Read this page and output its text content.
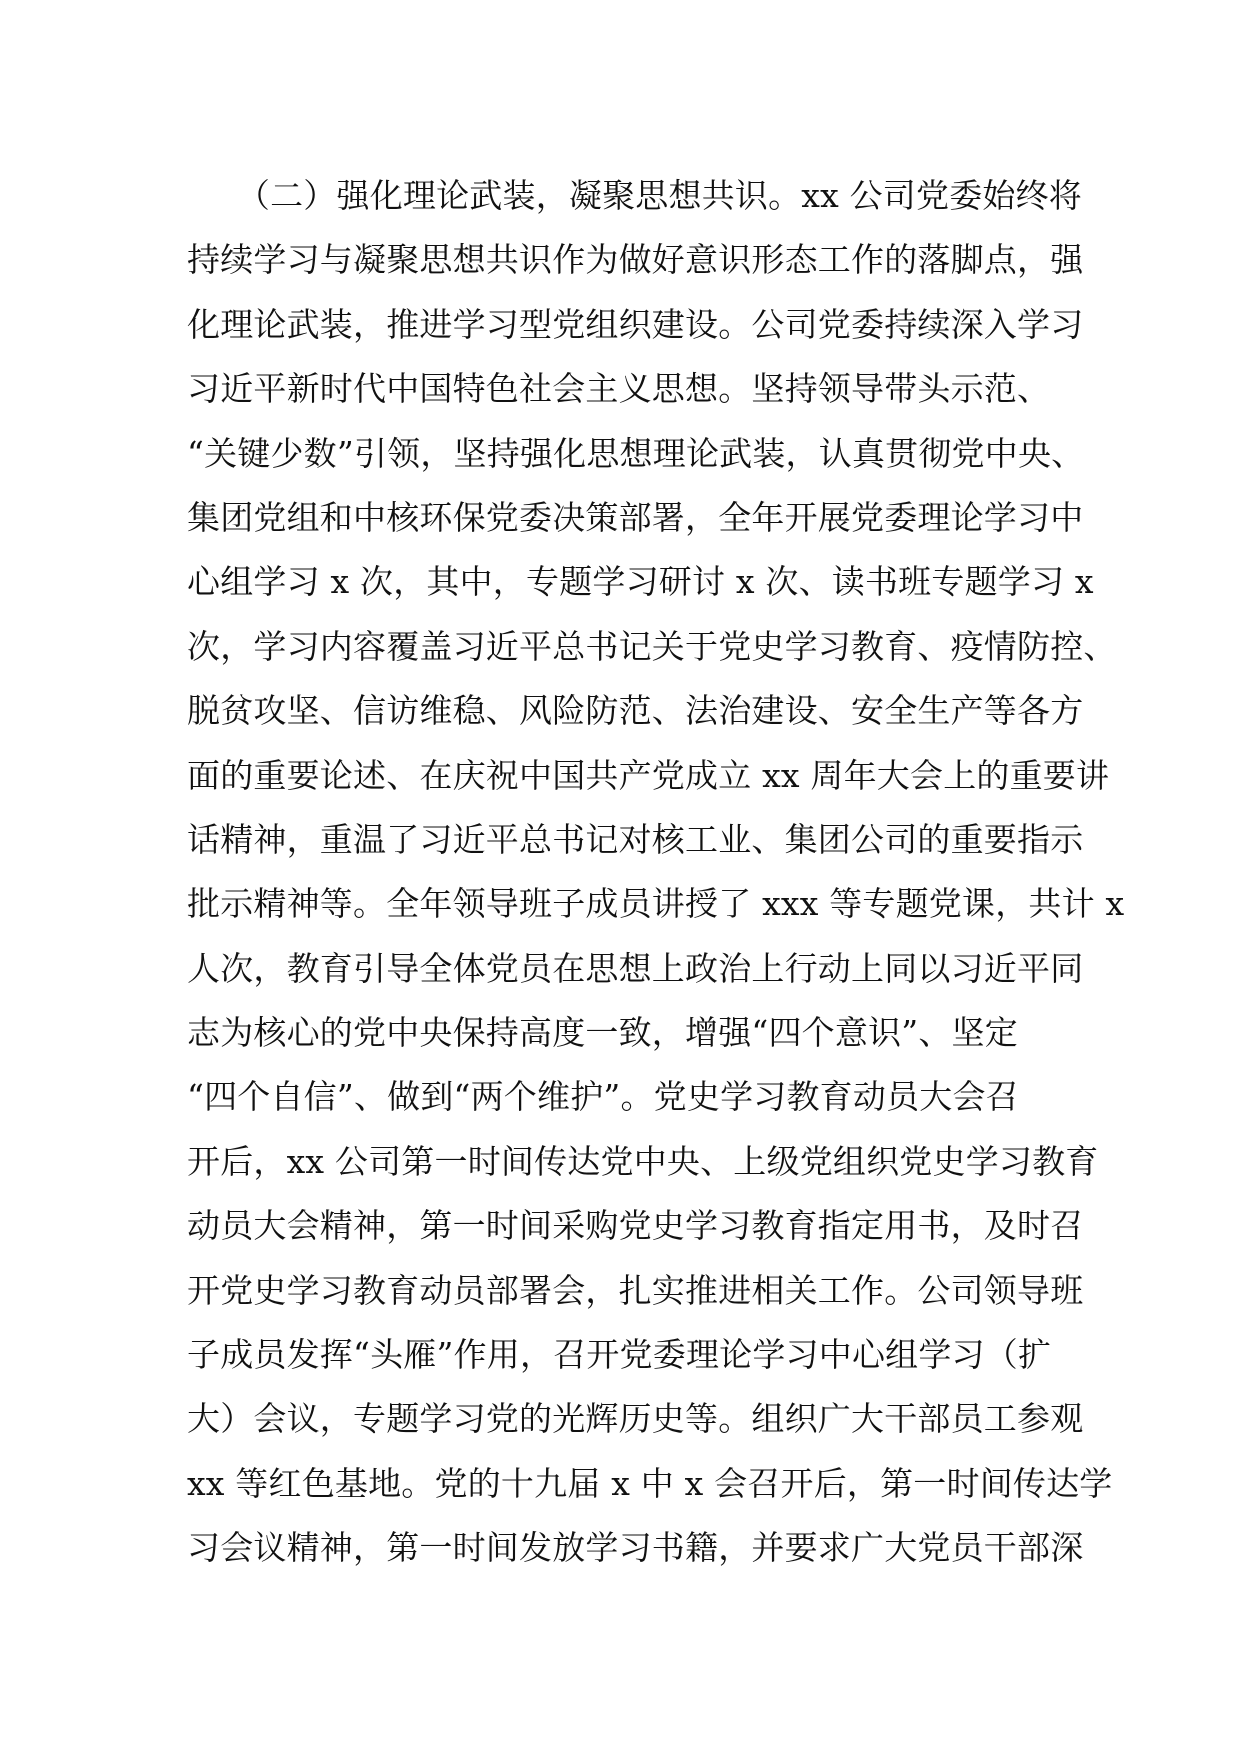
　　（二）强化理论武装，凝聚思想共识。xx 公司党委始终将
持续学习与凝聚思想共识作为做好意识形态工作的落脚点，强
化理论武装，推进学习型党组织建设。公司党委持续深入学习
习近平新时代中国特色社会主义思想。坚持领导带头示范、
“关键少数”引领，坚持强化思想理论武装，认真贯彻党中央、
集团党组和中核环保党委决策部署，全年开展党委理论学习中
心组学习 x 次，其中，专题学习研讨 x 次、读书班专题学习 x
次，学习内容覆盖习近平总书记关于党史学习教育、疫情防控、
脱贫攻坚、信访维稳、风险防范、法治建设、安全生产等各方
面的重要论述、在庆祝中国共产党成立 xx 周年大会上的重要讲
话精神，重温了习近平总书记对核工业、集团公司的重要指示
批示精神等。全年领导班子成员讲授了 xxx 等专题党课，共计 x
人次，教育引导全体党员在思想上政治上行动上同以习近平同
志为核心的党中央保持高度一致，增强“四个意识”、坚定
“四个自信”、做到“两个维护”。党史学习教育动员大会召
开后，xx 公司第一时间传达党中央、上级党组织党史学习教育
动员大会精神，第一时间采购党史学习教育指定用书，及时召
开党史学习教育动员部署会，扎实推进相关工作。公司领导班
子成员发挥“头雁”作用，召开党委理论学习中心组学习（扩
大）会议，专题学习党的光辉历史等。组织广大干部员工参观
xx 等红色基地。党的十九届 x 中 x 会召开后，第一时间传达学
习会议精神，第一时间发放学习书籍，并要求广大党员干部深
